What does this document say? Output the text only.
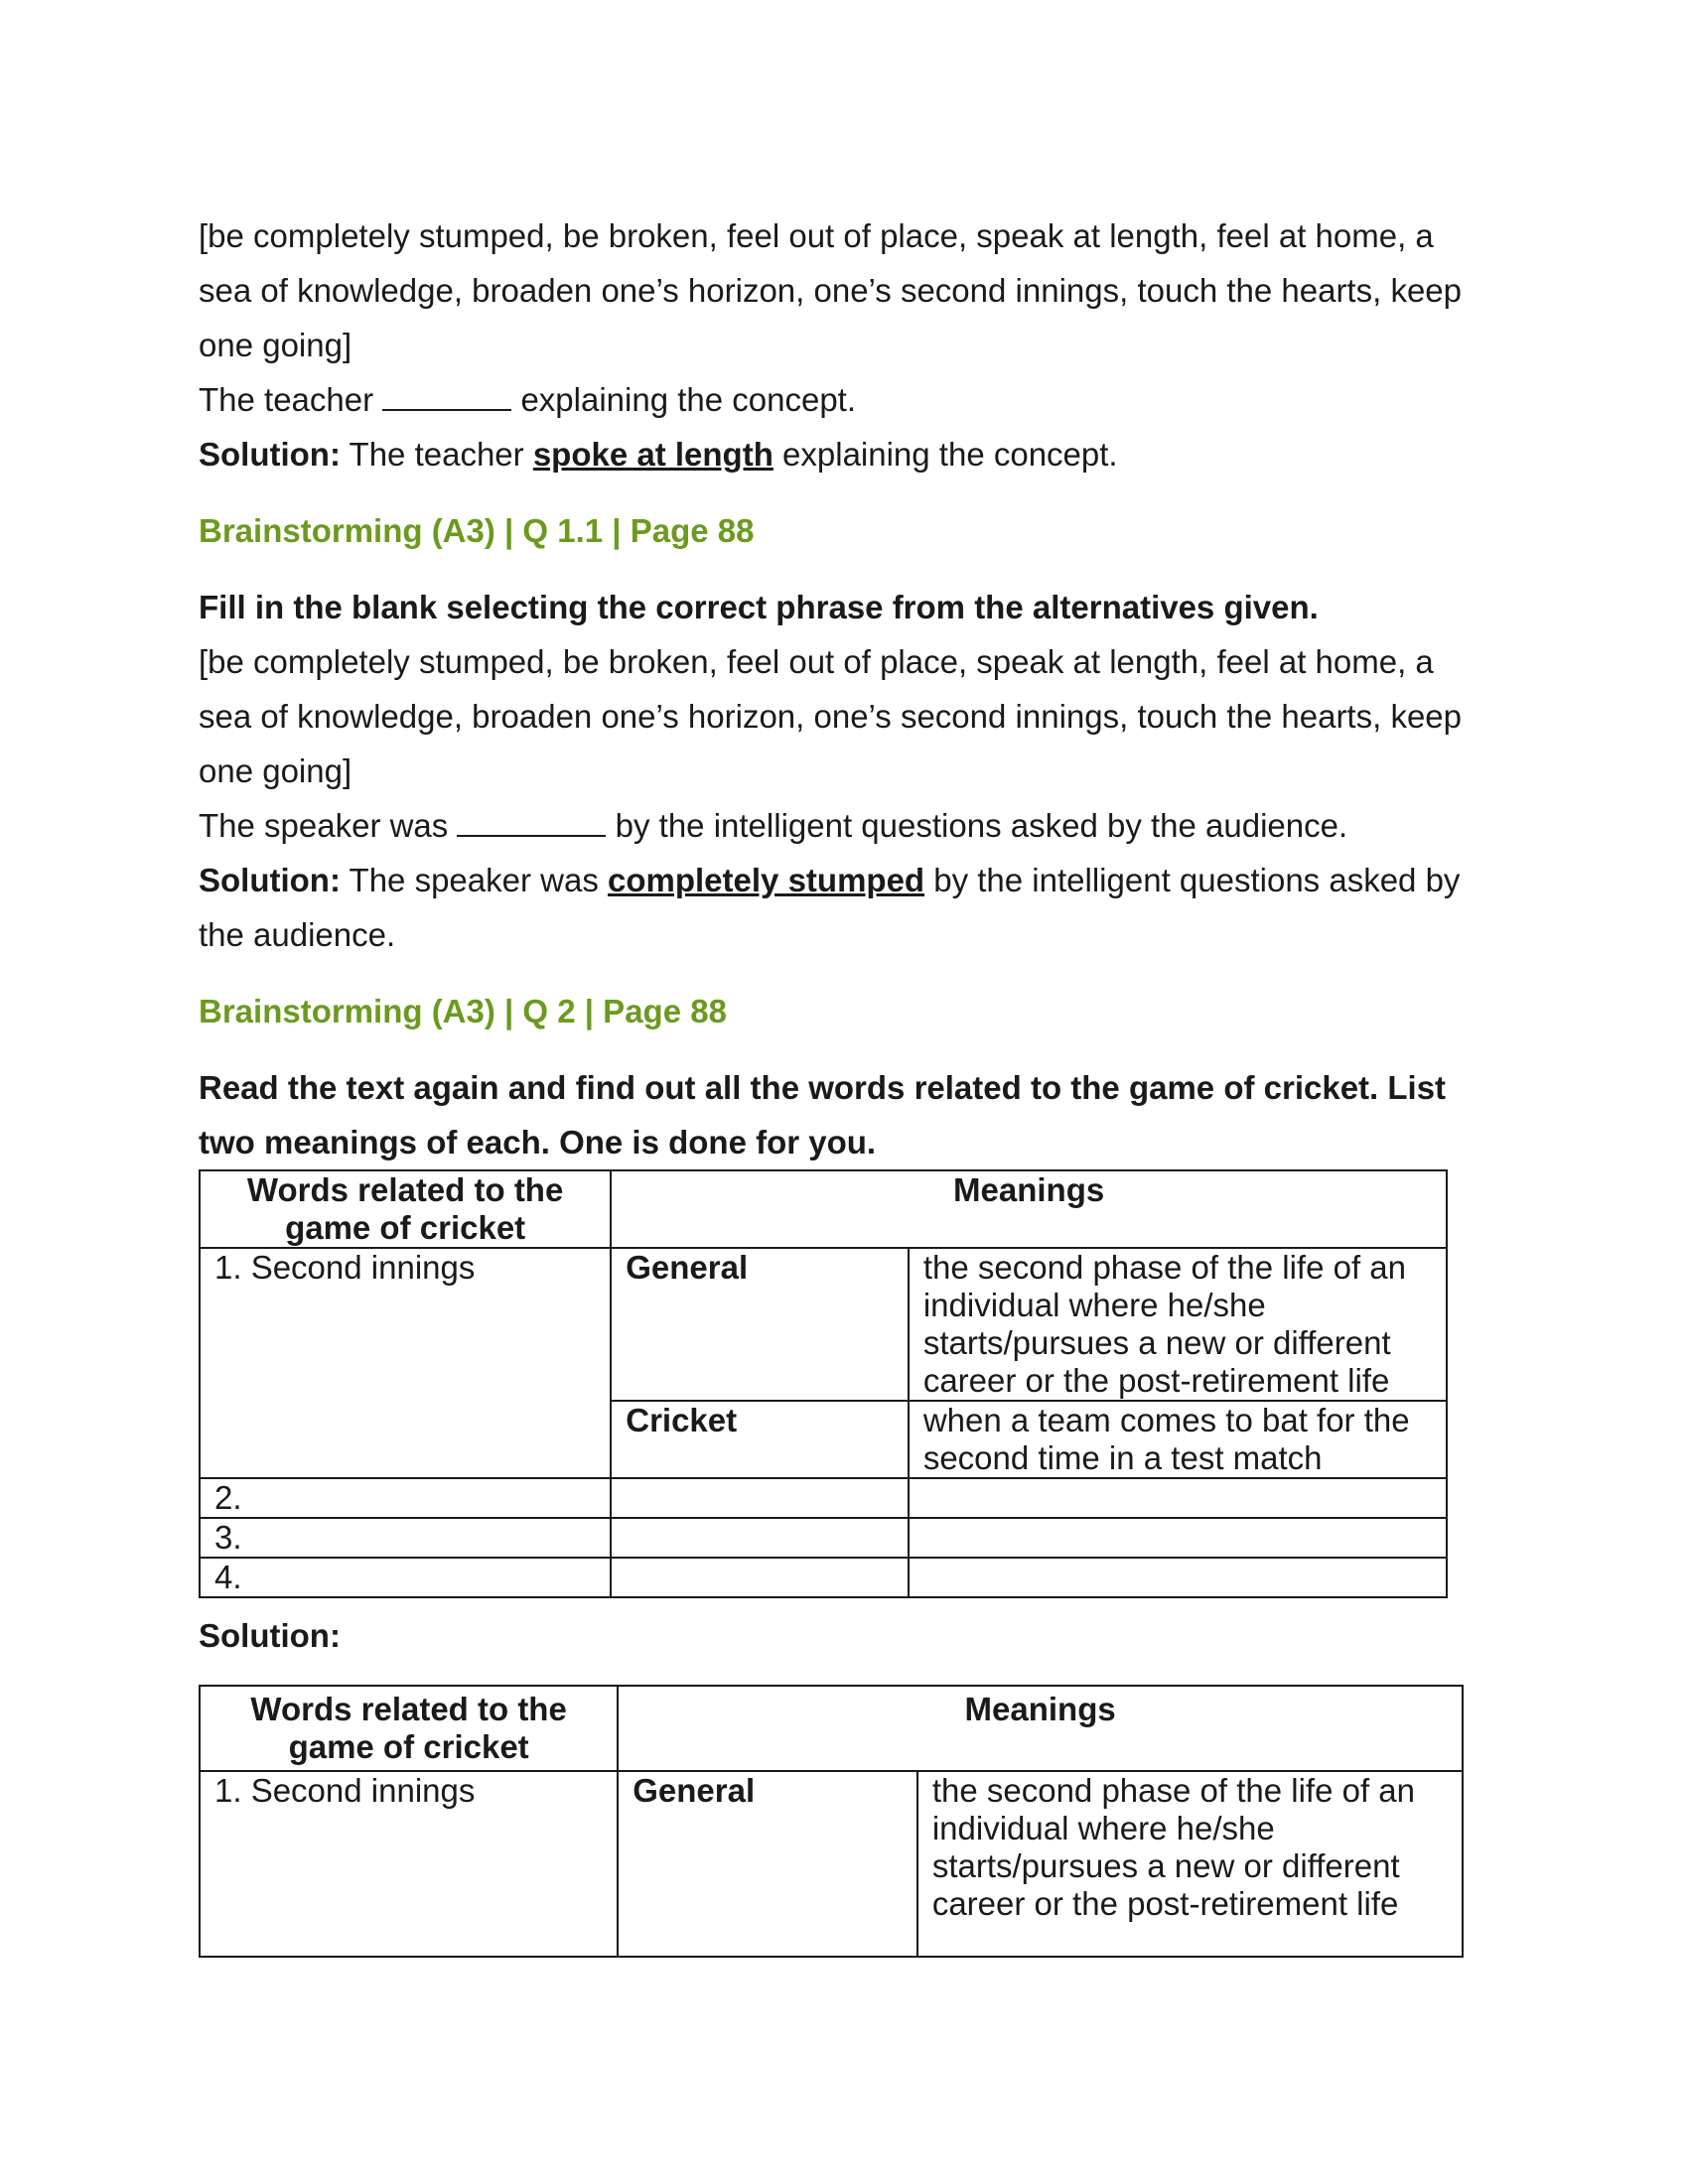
[be completely stumped, be broken, feel out of place, speak at length, feel at home, a sea of knowledge, broaden one’s horizon, one’s second innings, touch the hearts, keep one going]

The teacher	explaining the concept.

Solution: The teacher spoke at length explaining the concept.

Brainstorming (A3) | Q 1.1 | Page 88

Fill in the blank selecting the correct phrase from the alternatives given.

[be completely stumped, be broken, feel out of place, speak at length, feel at home, a sea of knowledge, broaden one’s horizon, one’s second innings, touch the hearts, keep one going]

The speaker was	by the intelligent questions asked by the audience.

Solution: The speaker was completely stumped by the intelligent questions asked by the audience.

Brainstorming (A3) | Q 2 | Page 88

Read the text again and find out all the words related to the game of cricket. List two meanings of each. One is done for you.

Words related to the game of cricket	Meanings	
1. Second innings	General	the second phase of the life of an individual where he/she starts/pursues a new or different career or the post-retirement life
	Cricket	when a team comes to bat for the second time in a test match
2.		
3.		
4.		
Solution:
Words related to the game of cricket	Meanings	
1. Second innings	General	the second phase of the life of an individual where he/she starts/pursues a new or different career or the post-retirement life
